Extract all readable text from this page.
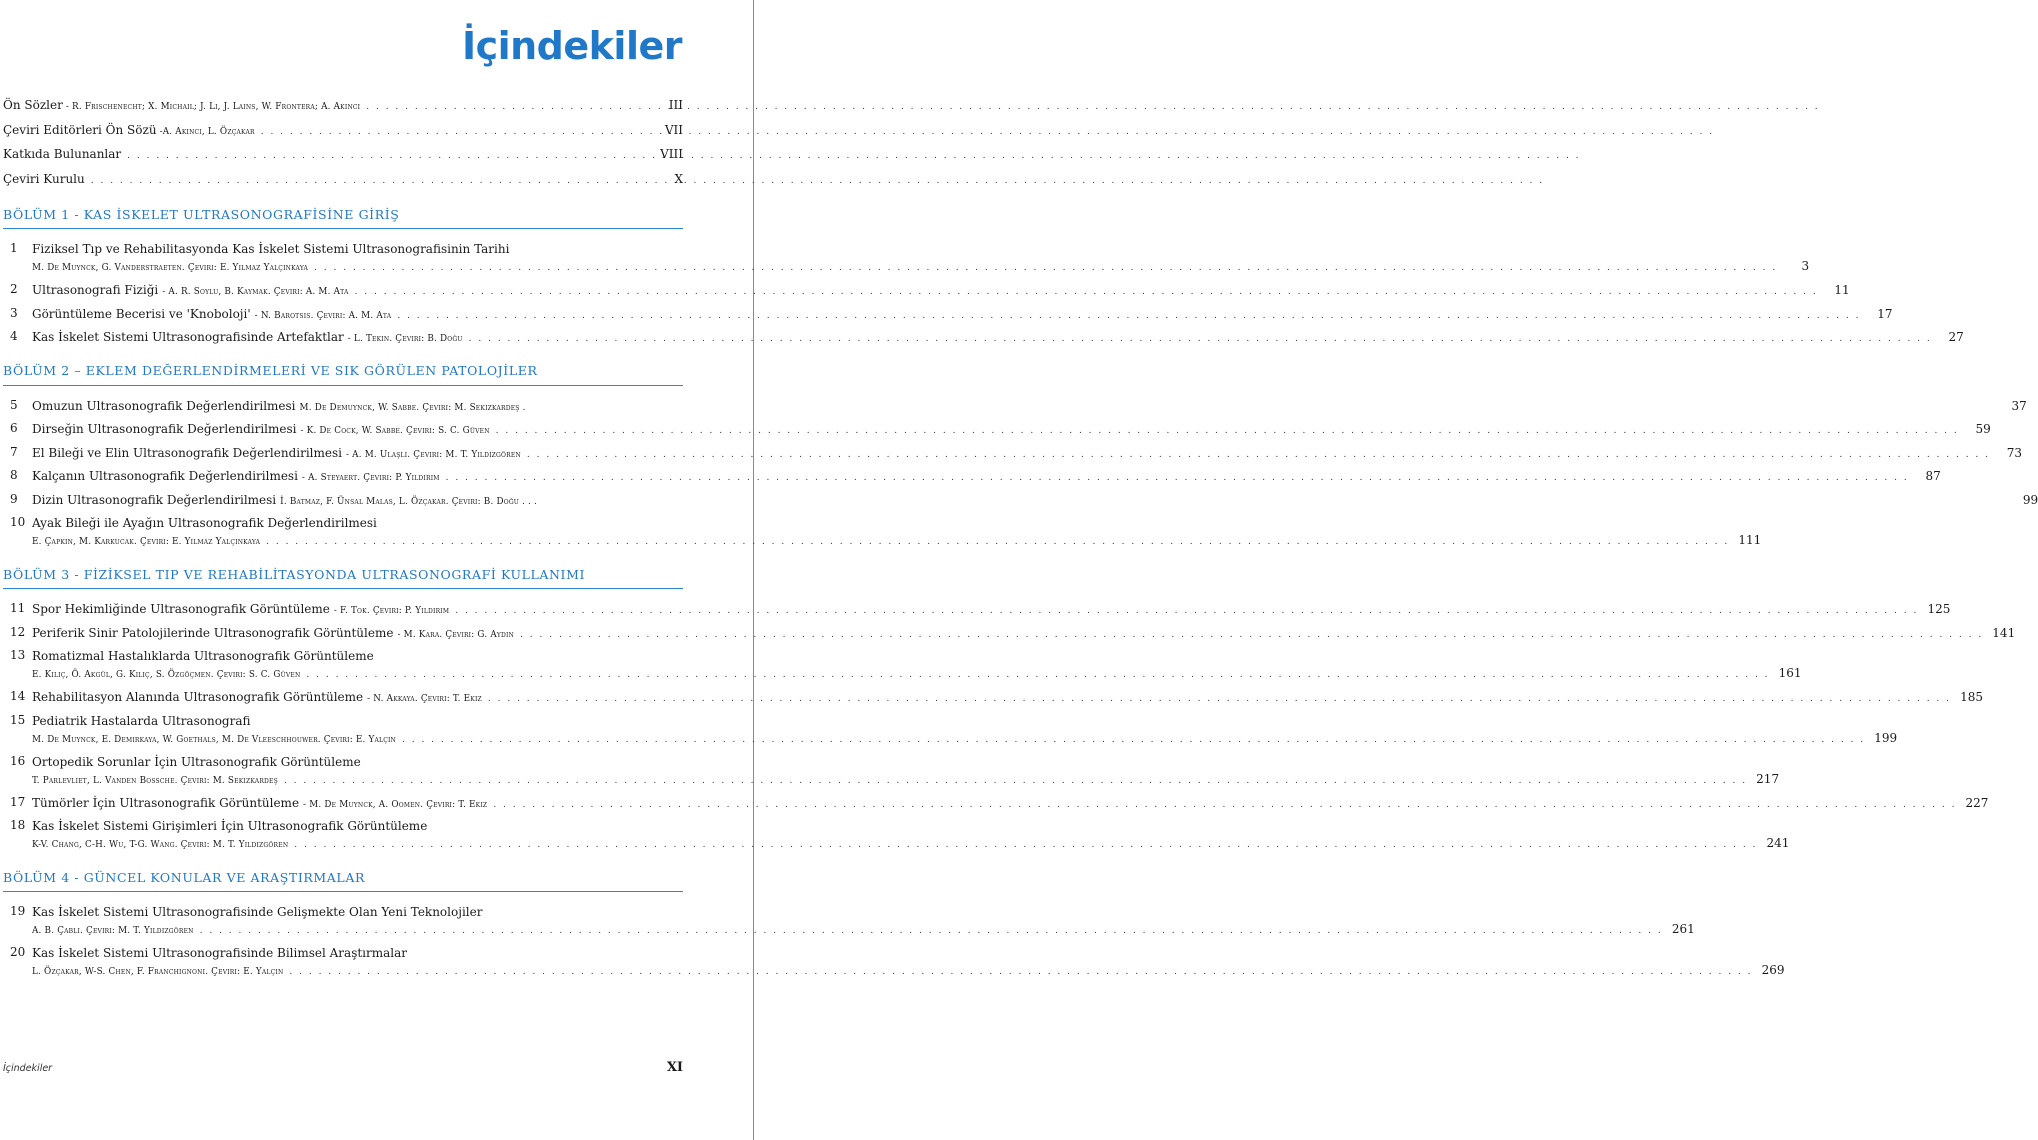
İçindekiler
Ön Sözler - R. Frischenecht; X. Michail; J. Li, J. Lains, W. Frontera; A. Akıncı . . .	III
Çeviri Editörleri Ön Sözü -A. Akıncı, L. Özçakar . . .	VII
Katkıda Bulunanlar . . .	VIII
Çeviri Kurulu . . .	X
BÖLÜM 1 - KAS İSKELET ULTRASONOGRAFİSİNE GİRİŞ
1	Fiziksel Tıp ve Rehabilitasyonda Kas İskelet Sistemi Ultrasonografisinin Tarihi
M. De Muynck, G. Vanderstraeten. Çeviri: E. Yılmaz Yalçınkaya . . .	3
2	Ultrasonografi Fiziği - A. R. Soylu, B. Kaymak. Çeviri: A. M. Ata . . .	11
3	Görüntüleme Becerisi ve 'Knoboloji' - N. Barotsis. Çeviri: A. M. Ata . . .	17
4	Kas İskelet Sistemi Ultrasonografisinde Artefaktlar - L. Tekin. Çeviri: B. Doğu . . .	27
BÖLÜM 2 – EKLEM DEĞERLENDİRMELERİ VE SIK GÖRÜLEN PATOLOJİLER
5	Omuzun Ultrasonografik Değerlendirilmesi M. De Demuynck, W. Sabbe. Çeviri: M. Sekizkardeş .	37
6	Dirseğin Ultrasonografik Değerlendirilmesi - K. De Cock, W. Sabbe. Çeviri: S. C. Güven . . .	59
7	El Bileği ve Elin Ultrasonografik Değerlendirilmesi - A. M. Ulaşlı. Çeviri: M. T. Yıldızgören . . .	73
8	Kalçanın Ultrasonografik Değerlendirilmesi - A. Steyaert. Çeviri: P. Yıldırım . . .	87
9	Dizin Ultrasonografik Değerlendirilmesi İ. Batmaz, F. Ünsal Malas, L. Özçakar. Çeviri: B. Doğu . . .	99
10 Ayak Bileği ile Ayağın Ultrasonografik Değerlendirilmesi
E. Çapkın, M. Karkucak. Çeviri: E. Yılmaz Yalçınkaya . . .	111
BÖLÜM 3 - FİZİKSEL TIP VE REHABİLİTASYONDA ULTRASONOGRAFİ KULLANIMI
11 Spor Hekimliğinde Ultrasonografik Görüntüleme - F. Tok. Çeviri: P. Yıldırım . . .	125
12 Periferik Sinir Patolojilerinde Ultrasonografik Görüntüleme - M. Kara. Çeviri: G. Aydın . . .	141
13 Romatizmal Hastalıklarda Ultrasonografik Görüntüleme
E. Kılıç, Ö. Akgül, G. Kılıç, S. Özgöçmen. Çeviri: S. C. Güven . . .	161
14 Rehabilitasyon Alanında Ultrasonografik Görüntüleme - N. Akkaya. Çeviri: T. Ekiz . . .	185
15 Pediatrik Hastalarda Ultrasonografi
M. De Muynck, E. Demirkaya, W. Goethals, M. De Vleeschhouwer. Çeviri: E. Yalçın . . .	199
16 Ortopedik Sorunlar İçin Ultrasonografik Görüntüleme
T. Parlevliet, L. Vanden Bossche. Çeviri: M. Sekizkardeş . . .	217
17 Tümörler İçin Ultrasonografik Görüntüleme - M. De Muynck, A. Oomen. Çeviri: T. Ekiz . . .	227
18 Kas İskelet Sistemi Girişimleri İçin Ultrasonografik Görüntüleme
K-V. Chang, C-H. Wu, T-G. Wang. Çeviri: M. T. Yıldızgören . . .	241
BÖLÜM 4 - GÜNCEL KONULAR VE ARAŞTIRMALAR
19 Kas İskelet Sistemi Ultrasonografisinde Gelişmekte Olan Yeni Teknolojiler
A. B. Çablı. Çeviri: M. T. Yıldızgören . . .	261
20 Kas İskelet Sistemi Ultrasonografisinde Bilimsel Araştırmalar
L. Özçakar, W-S. Chen, F. Franchignoni. Çeviri: E. Yalçın . . .	269
İçindekiler	XI
